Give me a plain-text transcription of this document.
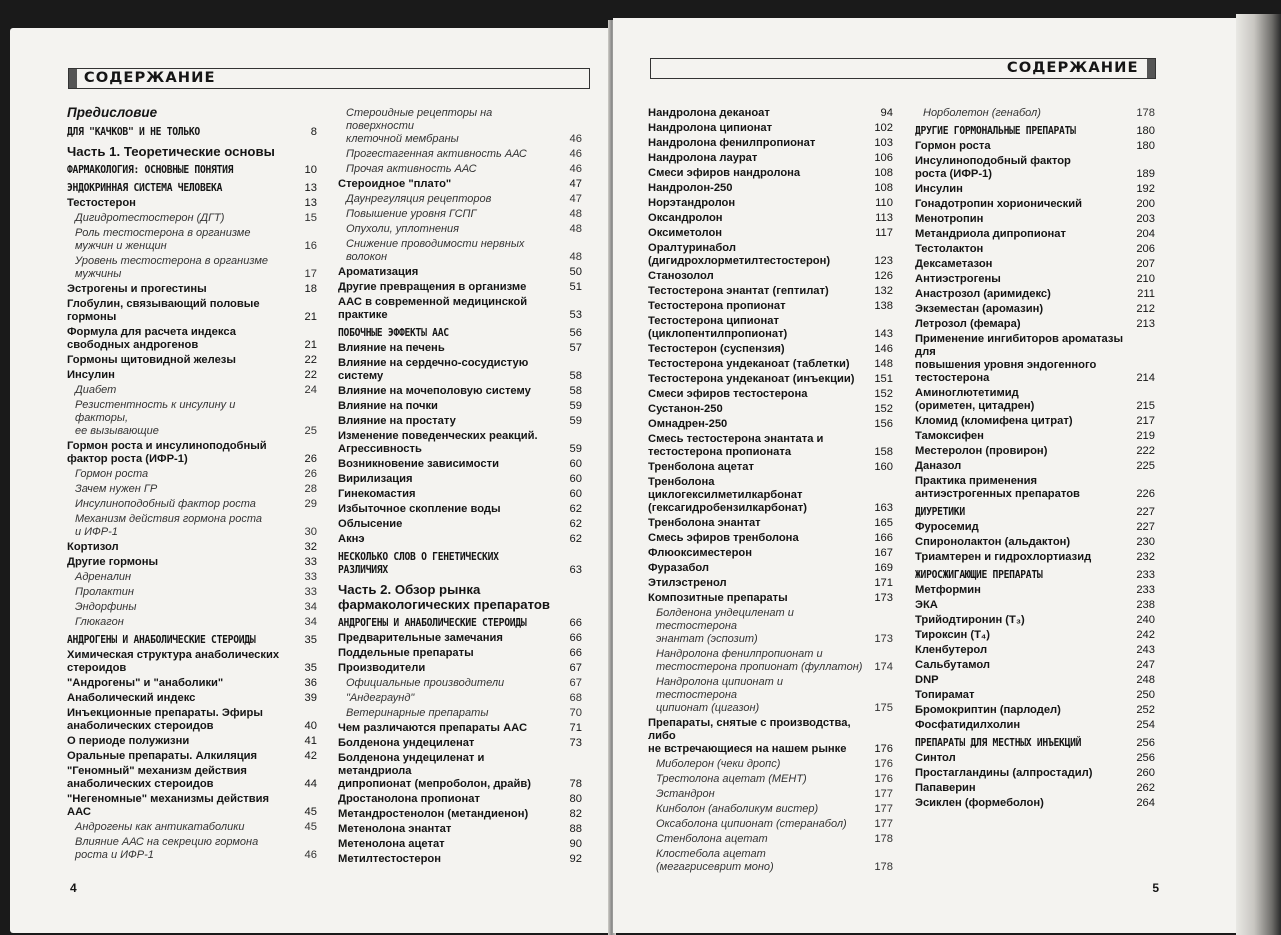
СОДЕРЖАНИЕ
Предисловие
ДЛЯ "КАЧКОВ" И НЕ ТОЛЬКО	8
Часть 1. Теоретические основы
ФАРМАКОЛОГИЯ: ОСНОВНЫЕ ПОНЯТИЯ	10
ЭНДОКРИННАЯ СИСТЕМА ЧЕЛОВЕКА	13
Тестостерон	13
Дигидротестостерон (ДГТ)	15
Роль тестостерона в организме
мужчин и женщин	16
Уровень тестостерона в организме
мужчины	17
Эстрогены и прогестины	18
Глобулин, связывающий половые
гормоны	21
Формула для расчета индекса
свободных андрогенов	21
Гормоны щитовидной железы	22
Инсулин	22
Диабет	24
Резистентность к инсулину и факторы,
ее вызывающие	25
Гормон роста и инсулиноподобный
фактор роста (ИФР-1)	26
Гормон роста	26
Зачем нужен ГР	28
Инсулиноподобный фактор роста	29
Механизм действия гормона роста
и ИФР-1	30
Кортизол	32
Другие гормоны	33
Адреналин	33
Пролактин	33
Эндорфины	34
Глюкагон	34
АНДРОГЕНЫ И АНАБОЛИЧЕСКИЕ СТЕРОИДЫ	35
Химическая структура анаболических
стероидов	35
"Андрогены" и "анаболики"	36
Анаболический индекс	39
Инъекционные препараты. Эфиры
анаболических стероидов	40
О периоде полужизни	41
Оральные препараты. Алкиляция	42
"Геномный" механизм действия
анаболических стероидов	44
"Негеномные" механизмы действия ААС	45
Андрогены как антикатаболики	45
Влияние ААС на секрецию гормона
роста и ИФР-1	46
Стероидные рецепторы на поверхности
клеточной мембраны	46
Прогестагенная активность ААС	46
Прочая активность ААС	46
Стероидное "плато"	47
Даунрегуляция рецепторов	47
Повышение уровня ГСПГ	48
Опухоли, уплотнения	48
Снижение проводимости нервных
волокон	48
Ароматизация	50
Другие превращения в организме	51
ААС в современной медицинской
практике	53
ПОБОЧНЫЕ ЭФФЕКТЫ ААС	56
Влияние на печень	57
Влияние на сердечно-сосудистую
систему	58
Влияние на мочеполовую систему	58
Влияние на почки	59
Влияние на простату	59
Изменение поведенческих реакций.
Агрессивность	59
Возникновение зависимости	60
Вирилизация	60
Гинекомастия	60
Избыточное скопление воды	62
Облысение	62
Акнэ	62
НЕСКОЛЬКО СЛОВ О ГЕНЕТИЧЕСКИХ РАЗЛИЧИЯХ	63
Часть 2. Обзор рынка
фармакологических препаратов
АНДРОГЕНЫ И АНАБОЛИЧЕСКИЕ СТЕРОИДЫ	66
Предварительные замечания	66
Поддельные препараты	66
Производители	67
Официальные производители	67
"Андеграунд"	68
Ветеринарные препараты	70
Чем различаются препараты ААС	71
Болденона ундециленат	73
Болденона ундециленат и метандриола
дипропионат (мепроболон, драйв)	78
Дростанолона пропионат	80
Метандростенолон (метандиенон)	82
Метенолона энантат	88
Метенолона ацетат	90
Метилтестостерон	92
4
СОДЕРЖАНИЕ
Нандролона деканоат	94
Нандролона ципионат	102
Нандролона фенилпропионат	103
Нандролона лаурат	106
Смеси эфиров нандролона	108
Нандролон-250	108
Норэтандролон	110
Оксандролон	113
Оксиметолон	117
Оралтуринабол
(дигидрохлорметилтестостерон)	123
Станозолол	126
Тестостерона энантат (гептилат)	132
Тестостерона пропионат	138
Тестостерона ципионат
(циклопентилпропионат)	143
Тестостерон (суспензия)	146
Тестостерона ундеканоат (таблетки)	148
Тестостерона ундеканоат (инъекции)	151
Смеси эфиров тестостерона	152
Сустанон-250	152
Омнадрен-250	156
Смесь тестостерона энантата и
тестостерона пропионата	158
Тренболона ацетат	160
Тренболона циклогексилметилкарбонат
(гексагидробензилкарбонат)	163
Тренболона энантат	165
Смесь эфиров тренболона	166
Флюоксиместерон	167
Фуразабол	169
Этилэстренол	171
Композитные препараты	173
Болденона ундециленат и тестостерона
энантат (эспозит)	173
Нандролона фенилпропионат и
тестостерона пропионат (фуллатон)	174
Нандролона ципионат и тестостерона
ципионат (цигазон)	175
Препараты, снятые с производства, либо
не встречающиеся на нашем рынке	176
Миболерон (чеки дропс)	176
Трестолона ацетат (МЕНТ)	176
Эстандрон	177
Кинболон (анаболикум вистер)	177
Оксаболона ципионат (стеранабол)	177
Стенболона ацетат	178
Клостебола ацетат
(мегагрисеврит моно)	178
Норболетон (генабол)	178
ДРУГИЕ ГОРМОНАЛЬНЫЕ ПРЕПАРАТЫ	180
Гормон роста	180
Инсулиноподобный фактор
роста (ИФР-1)	189
Инсулин	192
Гонадотропин хорионический	200
Менотропин	203
Метандриола дипропионат	204
Тестолактон	206
Дексаметазон	207
Антиэстрогены	210
Анастрозол (аримидекс)	211
Экземестан (аромазин)	212
Летрозол (фемара)	213
Применение ингибиторов ароматазы для
повышения уровня эндогенного
тестостерона	214
Аминоглютетимид
(ориметен, цитадрен)	215
Кломид (кломифена цитрат)	217
Тамоксифен	219
Местеролон (провирон)	222
Даназол	225
Практика применения
антиэстрогенных препаратов	226
ДИУРЕТИКИ	227
Фуросемид	227
Спиронолактон (альдактон)	230
Триамтерен и гидрохлортиазид	232
ЖИРОСЖИГАЮЩИЕ ПРЕПАРАТЫ	233
Метформин	233
ЭКА	238
Трийодтиронин (Т₃)	240
Тироксин (Т₄)	242
Кленбутерол	243
Сальбутамол	247
DNP	248
Топирамат	250
Бромокриптин (парлодел)	252
Фосфатидилхолин	254
ПРЕПАРАТЫ ДЛЯ МЕСТНЫХ ИНЪЕКЦИЙ	256
Синтол	256
Простагландины (алпростадил)	260
Папаверин	262
Эсиклен (формеболон)	264
5
